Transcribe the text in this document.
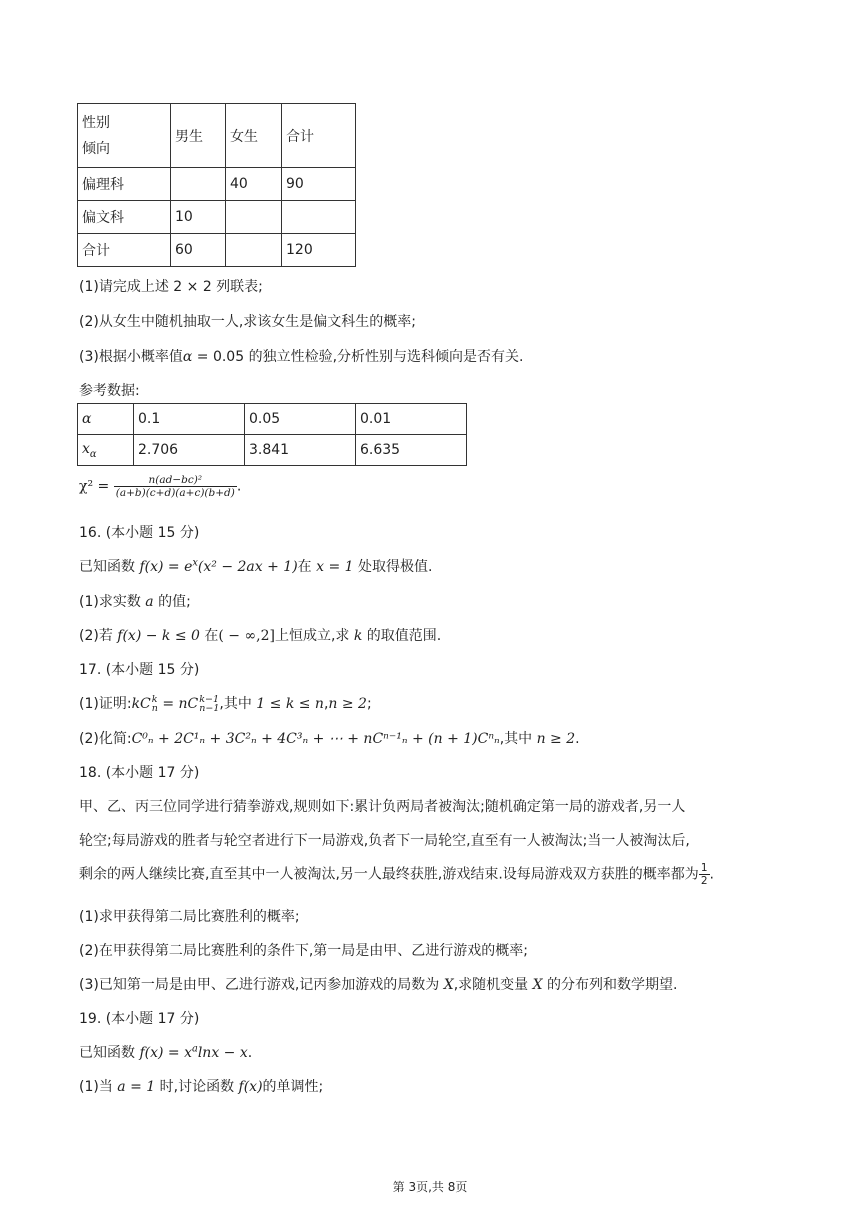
性别
倾向	男生	女生	合计
偏理科		40	90
偏文科	10		
合计	60		120
(1)请完成上述 2 × 2 列联表;
(2)从女生中随机抽取一人,求该女生是偏文科生的概率;
(3)根据小概率值α = 0.05 的独立性检验,分析性别与选科倾向是否有关.
参考数据:
α	0.1	0.05	0.01
$x_\alpha$	2.706	3.841	6.635
$\chi^2 = \frac{\text{n(ad−bc)²}}{(a+b)(c+d)(a+c)(b+d)}$ .
16. (本小题 15 分)
已知函数 $f(x) = e^x(x^2 - 2ax + 1)$在 x = 1 处取得极值.
(1)求实数 a 的值;
(2)若 f(x) − k ≤ 0 在( − ∞,2]上恒成立,求 k 的取值范围.
17. (本小题 15 分)
(1)证明:kC k
n = nC k−1
n−1 ,其中 1 ≤ k ≤ n,n ≥ 2;
(2)化简:C⁰ₙ + 2C¹ₙ + 3C²ₙ + 4C³ₙ + ⋯ + nCⁿ⁻¹ₙ + (n + 1)Cⁿₙ,其中 n ≥ 2.
18. (本小题 17 分)
甲、乙、丙三位同学进行猜拳游戏,规则如下:累计负两局者被淘汰;随机确定第一局的游戏者,另一人
轮空;每局游戏的胜者与轮空者进行下一局游戏,负者下一局轮空,直至有一人被淘汰;当一人被淘汰后,
剩余的两人继续比赛,直至其中一人被淘汰,另一人最终获胜,游戏结束.设每局游戏双方获胜的概率都为 $\frac{1}{2}$ .
(1)求甲获得第二局比赛胜利的概率;
(2)在甲获得第二局比赛胜利的条件下,第一局是由甲、乙进行游戏的概率;
(3)已知第一局是由甲、乙进行游戏,记丙参加游戏的局数为 X,求随机变量 X 的分布列和数学期望.
19. (本小题 17 分)
已知函数 $f(x) = x^a\ln x - x$.
(1)当 a = 1 时,讨论函数 f(x)的单调性;
第 3页,共 8页
